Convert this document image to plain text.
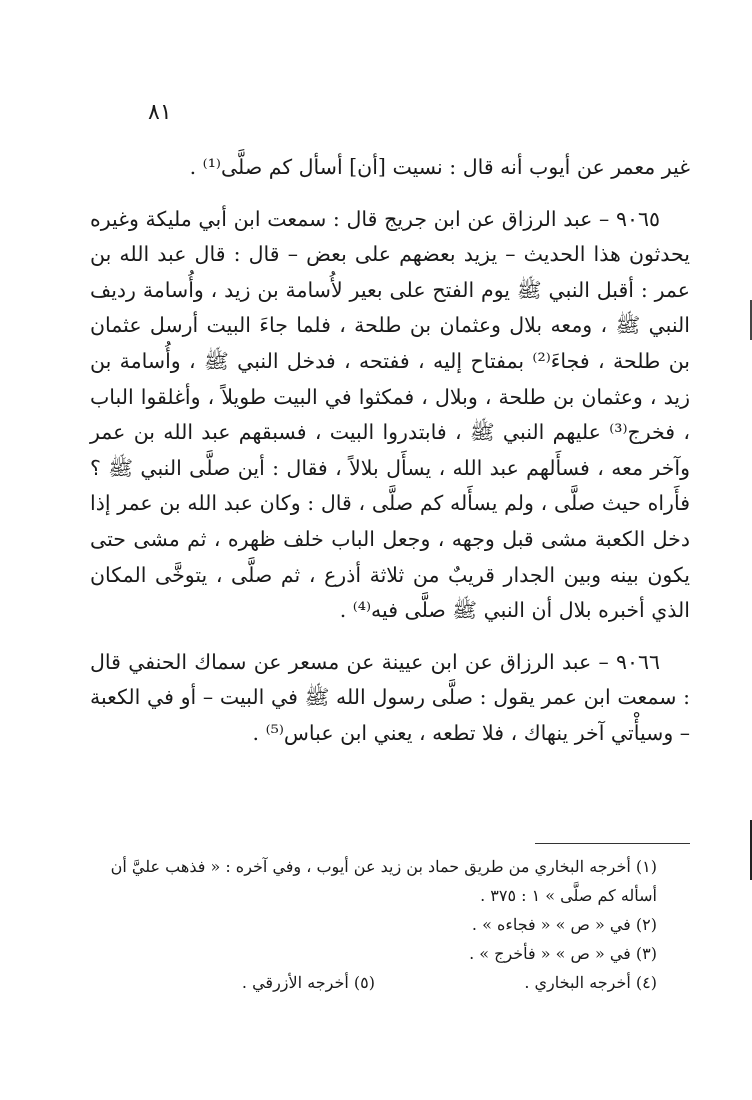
٨١

غير معمر عن أيوب أنه قال : نسيت [أن] أسأل كم صلَّى⁽¹⁾ .

٩٠٦٥ – عبد الرزاق عن ابن جريج قال : سمعت ابن أبي مليكة وغيره يحدثون هذا الحديث – يزيد بعضهم على بعض – قال : قال عبد الله بن عمر : أقبل النبي ﷺ يوم الفتح على بعير لأُسامة بن زيد ، وأُسامة رديف النبي ﷺ ، ومعه بلال وعثمان بن طلحة ، فلما جاءَ البيت أرسل عثمان بن طلحة ، فجاءَ⁽²⁾ بمفتاح إليه ، ففتحه ، فدخل النبي ﷺ ، وأُسامة بن زيد ، وعثمان بن طلحة ، وبلال ، فمكثوا في البيت طويلاً ، وأغلقوا الباب ، فخرج⁽³⁾ عليهم النبي ﷺ ، فابتدروا البيت ، فسبقهم عبد الله بن عمر وآخر معه ، فسأَلهم عبد الله ، يسأَل بلالاً ، فقال : أين صلَّى النبي ﷺ ؟ فأَراه حيث صلَّى ، ولم يسأَله كم صلَّى ، قال : وكان عبد الله بن عمر إذا دخل الكعبة مشى قبل وجهه ، وجعل الباب خلف ظهره ، ثم مشى حتى يكون بينه وبين الجدار قريبٌ من ثلاثة أذرع ، ثم صلَّى ، يتوخَّى المكان الذي أخبره بلال أن النبي ﷺ صلَّى فيه⁽⁴⁾ .

٩٠٦٦ – عبد الرزاق عن ابن عيينة عن مسعر عن سماك الحنفي قال : سمعت ابن عمر يقول : صلَّى رسول الله ﷺ في البيت – أو في الكعبة – وسيأْتي آخر ينهاك ، فلا تطعه ، يعني ابن عباس⁽⁵⁾ .

(١) أخرجه البخاري من طريق حماد بن زيد عن أيوب ، وفي آخره : « فذهب عليَّ أن أسأله كم صلَّى » ١ : ٣٧٥ .

(٢) في « ص » « فجاءه » .

(٣) في « ص » « فأخرج » .

(٤) أخرجه البخاري .
(٥) أخرجه الأزرقي .
